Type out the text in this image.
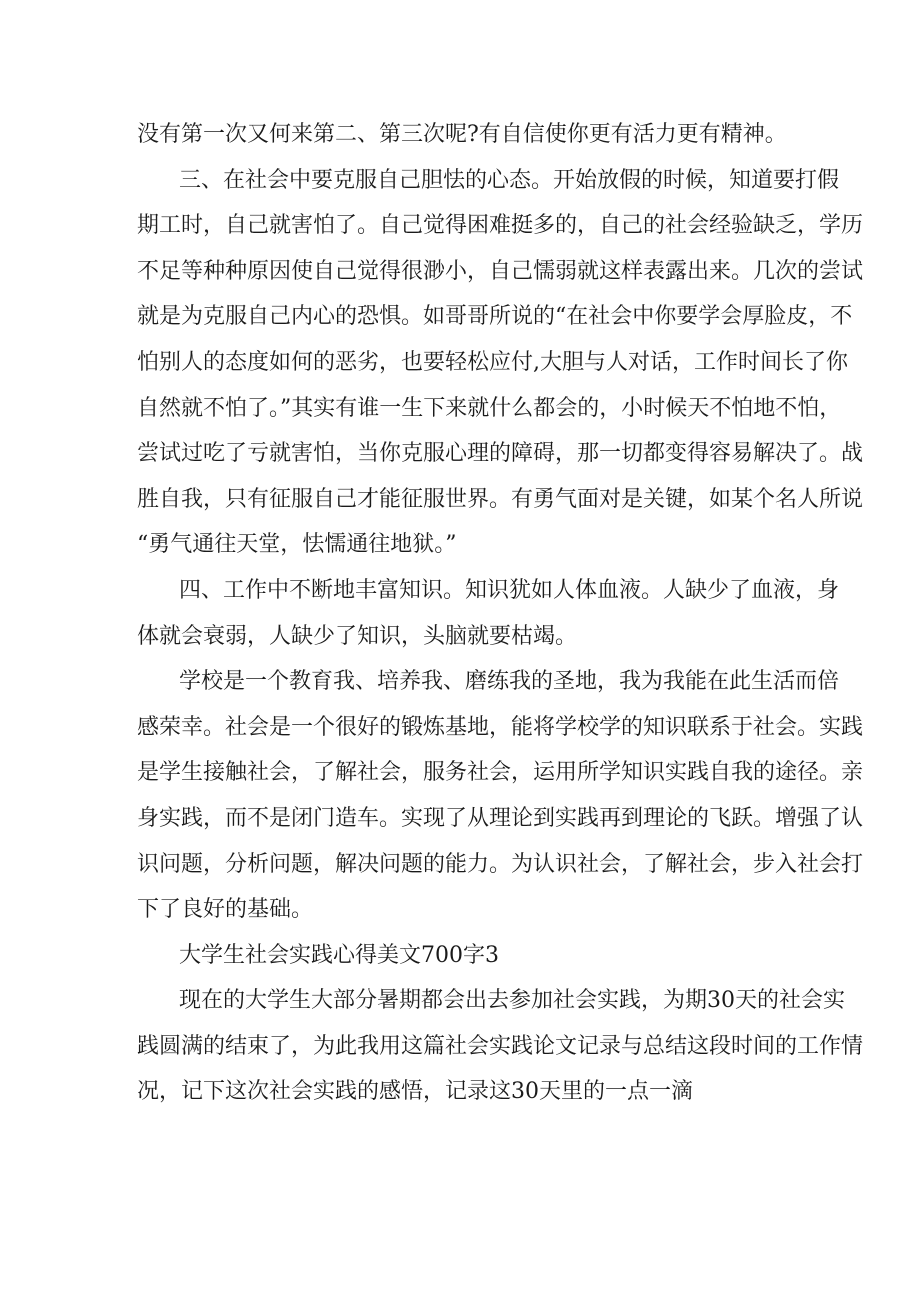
没有第一次又何来第二、第三次呢?有自信使你更有活力更有精神。
三、在社会中要克服自己胆怯的心态。开始放假的时候，知道要打假
期工时，自己就害怕了。自己觉得困难挺多的，自己的社会经验缺乏，学历
不足等种种原因使自己觉得很渺小，自己懦弱就这样表露出来。几次的尝试
就是为克服自己内心的恐惧。如哥哥所说的“在社会中你要学会厚脸皮，不
怕别人的态度如何的恶劣，也要轻松应付,大胆与人对话，工作时间长了你
自然就不怕了。”其实有谁一生下来就什么都会的，小时候天不怕地不怕，
尝试过吃了亏就害怕，当你克服心理的障碍，那一切都变得容易解决了。战
胜自我，只有征服自己才能征服世界。有勇气面对是关键，如某个名人所说
“勇气通往天堂，怯懦通往地狱。”
四、工作中不断地丰富知识。知识犹如人体血液。人缺少了血液，身
体就会衰弱，人缺少了知识，头脑就要枯竭。
学校是一个教育我、培养我、磨练我的圣地，我为我能在此生活而倍
感荣幸。社会是一个很好的锻炼基地，能将学校学的知识联系于社会。实践
是学生接触社会，了解社会，服务社会，运用所学知识实践自我的途径。亲
身实践，而不是闭门造车。实现了从理论到实践再到理论的飞跃。增强了认
识问题，分析问题，解决问题的能力。为认识社会，了解社会，步入社会打
下了良好的基础。
大学生社会实践心得美文700字3
现在的大学生大部分暑期都会出去参加社会实践，为期30天的社会实
践圆满的结束了，为此我用这篇社会实践论文记录与总结这段时间的工作情
况，记下这次社会实践的感悟，记录这30天里的一点一滴
